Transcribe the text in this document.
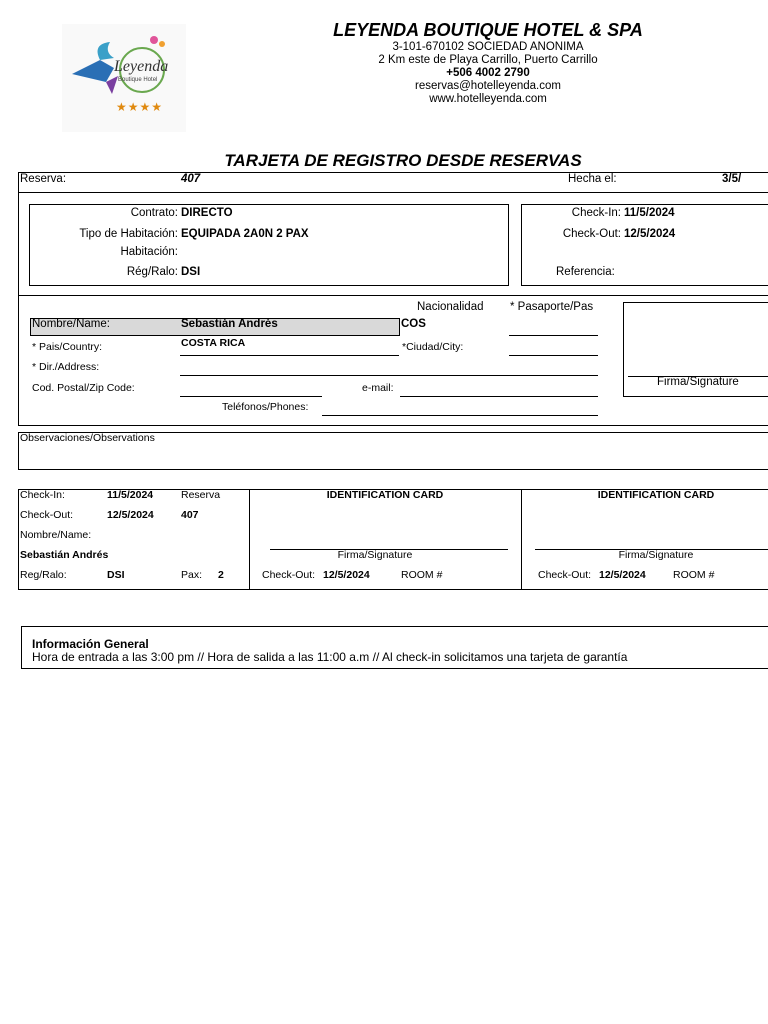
Leyenda
Boutique Hotel
★★★★
LEYENDA BOUTIQUE HOTEL & SPA
3-101-670102 SOCIEDAD ANONIMA
2 Km este de Playa Carrillo, Puerto Carrillo
+506 4002 2790
reservas@hotelleyenda.com
www.hotelleyenda.com
TARJETA DE REGISTRO DESDE RESERVAS
Reserva:	407	Hecha el:	3/5/
Contrato: DIRECTO
Tipo de Habitación: EQUIPADA 2A0N 2 PAX
Habitación:
Rég/Ralo: DSI
Check-In: 11/5/2024
Check-Out: 12/5/2024
Referencia:
Nacionalidad * Pasaporte/Pas
Nombre/Name:	Sebastián Andrés	COS
* Pais/Country:	COSTA RICA	*Ciudad/City:
* Dir./Address:
Cod. Postal/Zip Code:	e-mail:
Teléfonos/Phones:
Firma/Signature
Observaciones/Observations
Check-In:	11/5/2024	Reserva
Check-Out:	12/5/2024	407
Nombre/Name:
Sebastián Andrés
Reg/Ralo:	DSI	Pax: 2
IDENTIFICATION CARD
Firma/Signature
Check-Out: 12/5/2024	ROOM #
IDENTIFICATION CARD
Firma/Signature
Check-Out: 12/5/2024	ROOM #
Información General
Hora de entrada a las 3:00 pm // Hora de salida a las 11:00 a.m // Al check-in solicitamos una tarjeta de garantía
